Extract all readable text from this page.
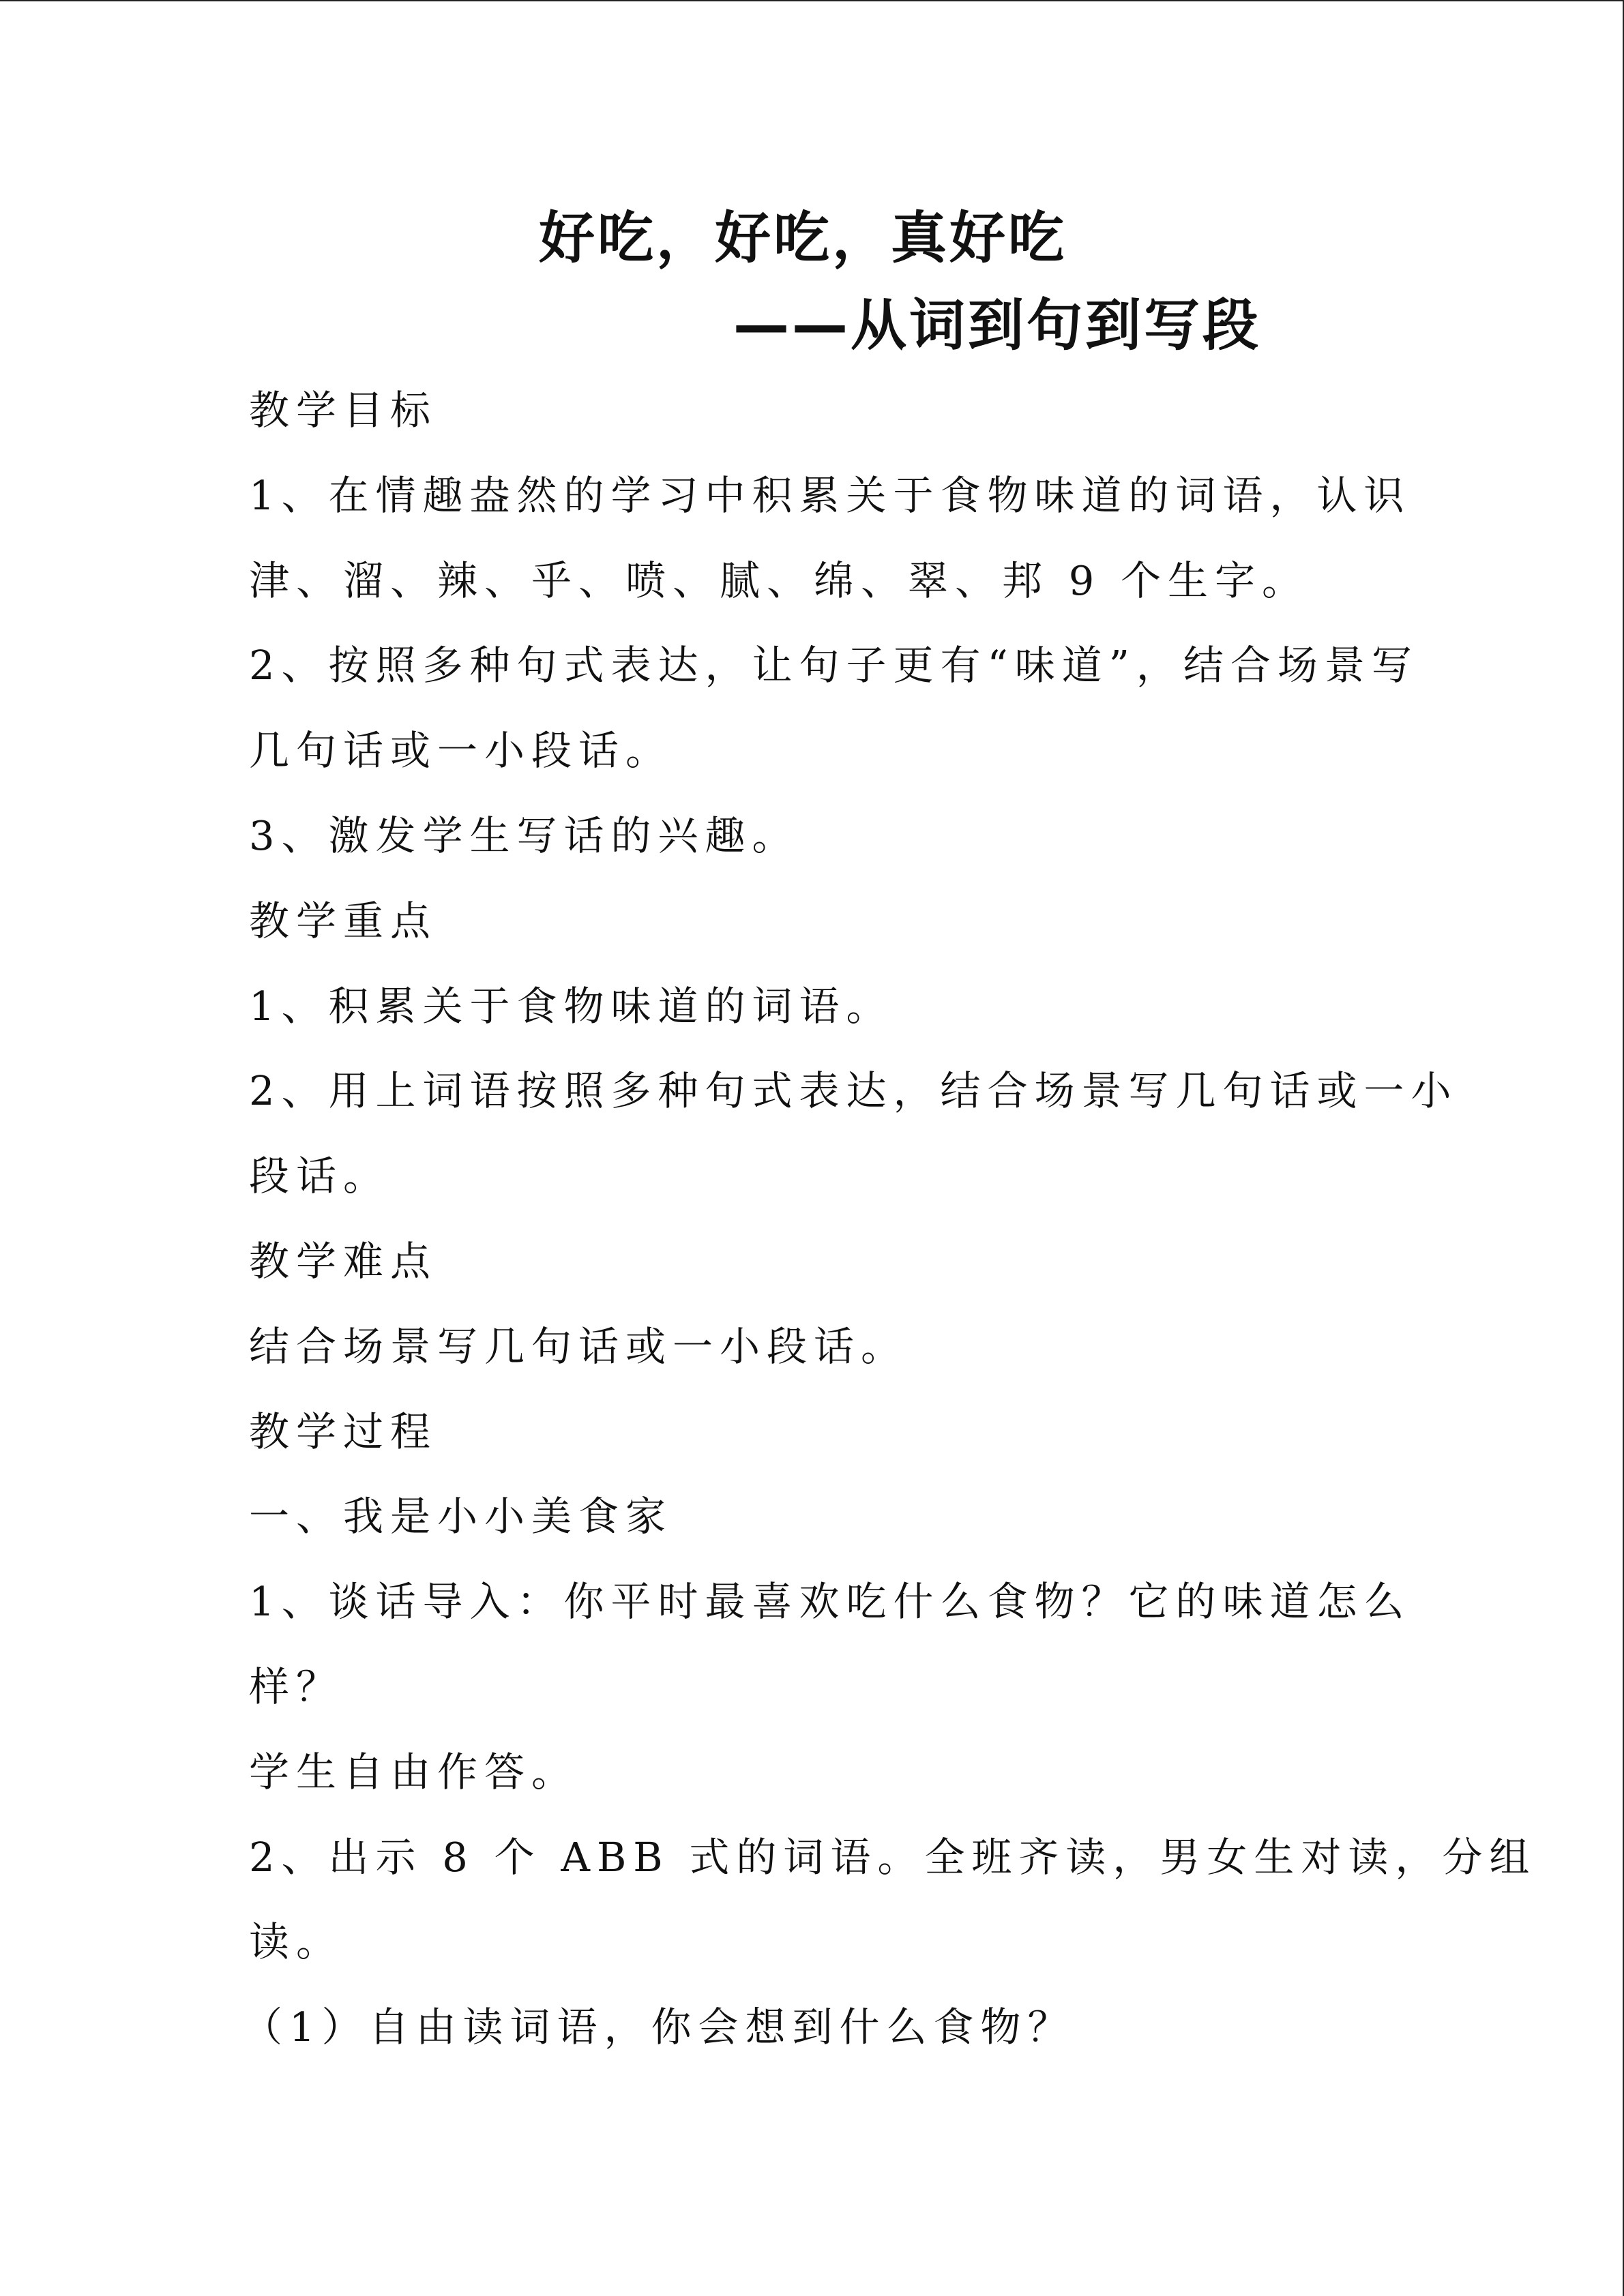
好吃，好吃，真好吃
——从词到句到写段
教学目标
1、在情趣盎然的学习中积累关于食物味道的词语，认识
津、溜、辣、乎、喷、腻、绵、翠、邦 9 个生字。
2、按照多种句式表达，让句子更有“味道”，结合场景写
几句话或一小段话。
3、激发学生写话的兴趣。
教学重点
1、积累关于食物味道的词语。
2、用上词语按照多种句式表达，结合场景写几句话或一小
段话。
教学难点
结合场景写几句话或一小段话。
教学过程
一、我是小小美食家
1、谈话导入：你平时最喜欢吃什么食物？它的味道怎么
样？
学生自由作答。
2、出示 8 个 ABB 式的词语。全班齐读，男女生对读，分组
读。
（1）自由读词语，你会想到什么食物？
